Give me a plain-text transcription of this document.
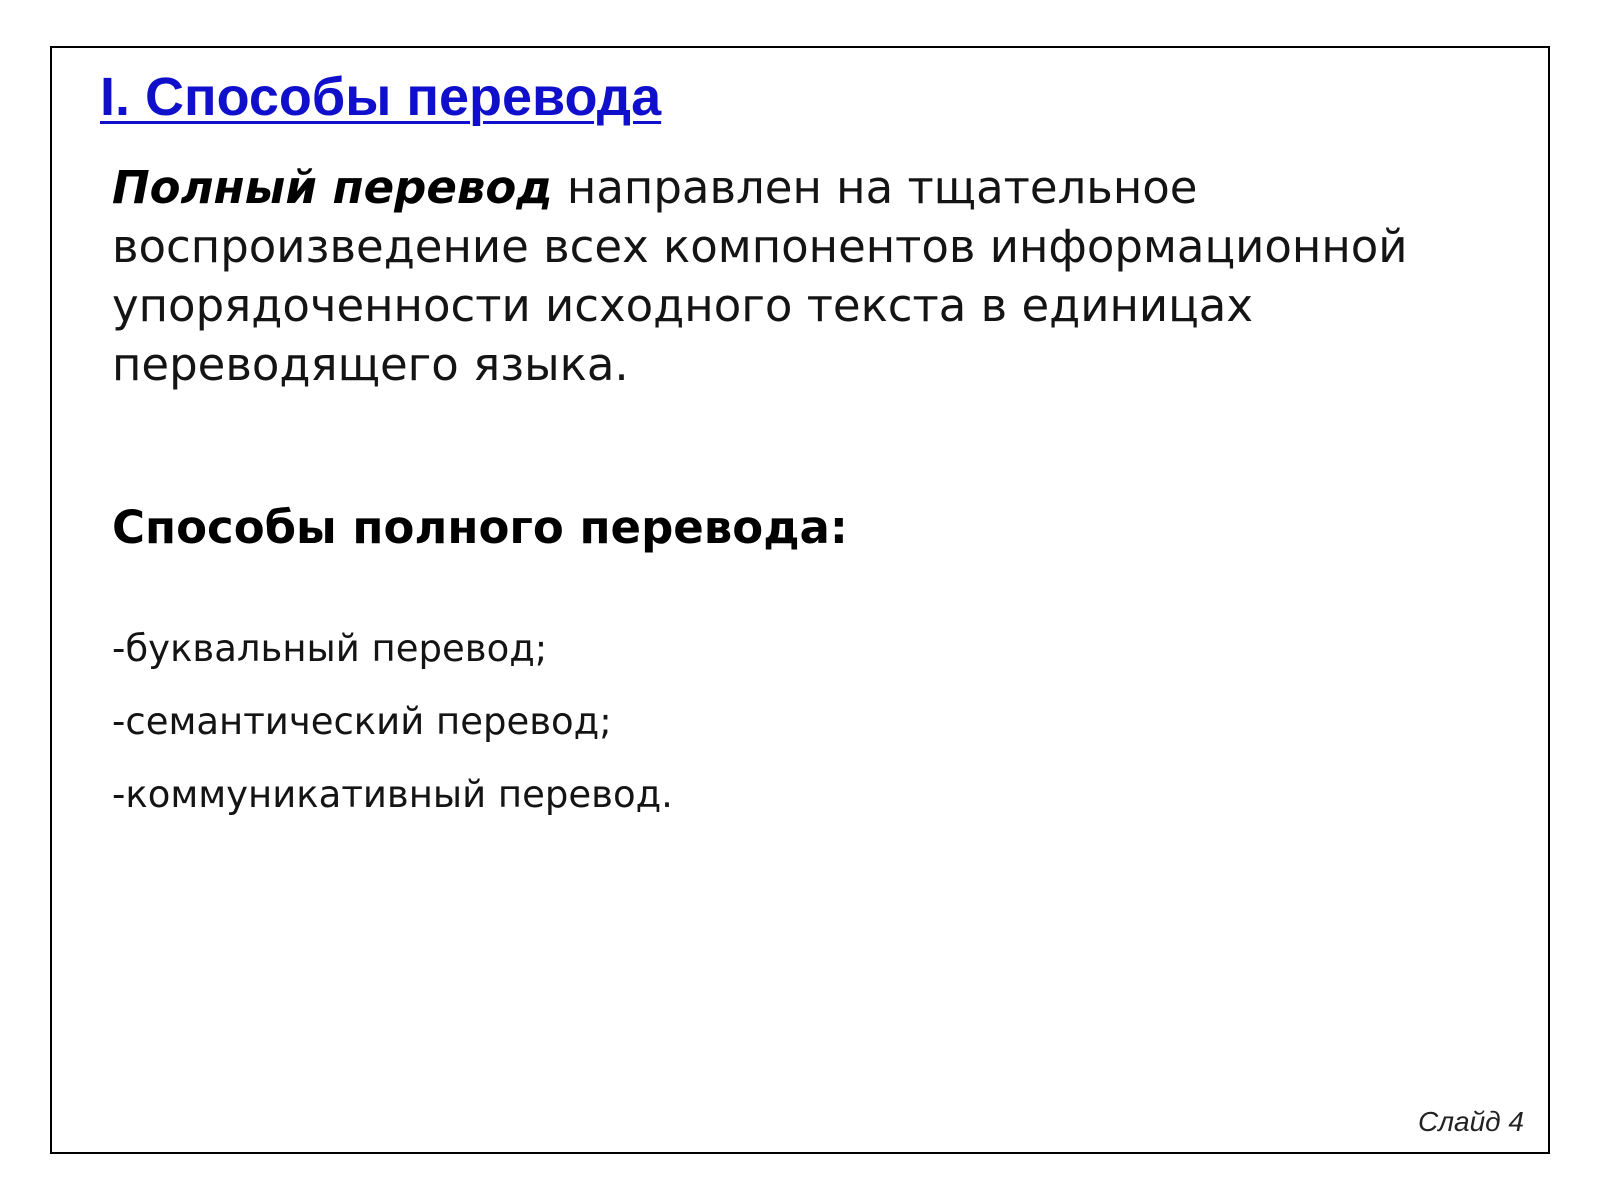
I. Способы перевода

Полный перевод направлен на тщательное воспроизведение всех компонентов информационной упорядоченности исходного текста в единицах переводящего языка.

Способы полного перевода:
-буквальный перевод;
-семантический перевод;
-коммуникативный перевод.
Слайд 4
